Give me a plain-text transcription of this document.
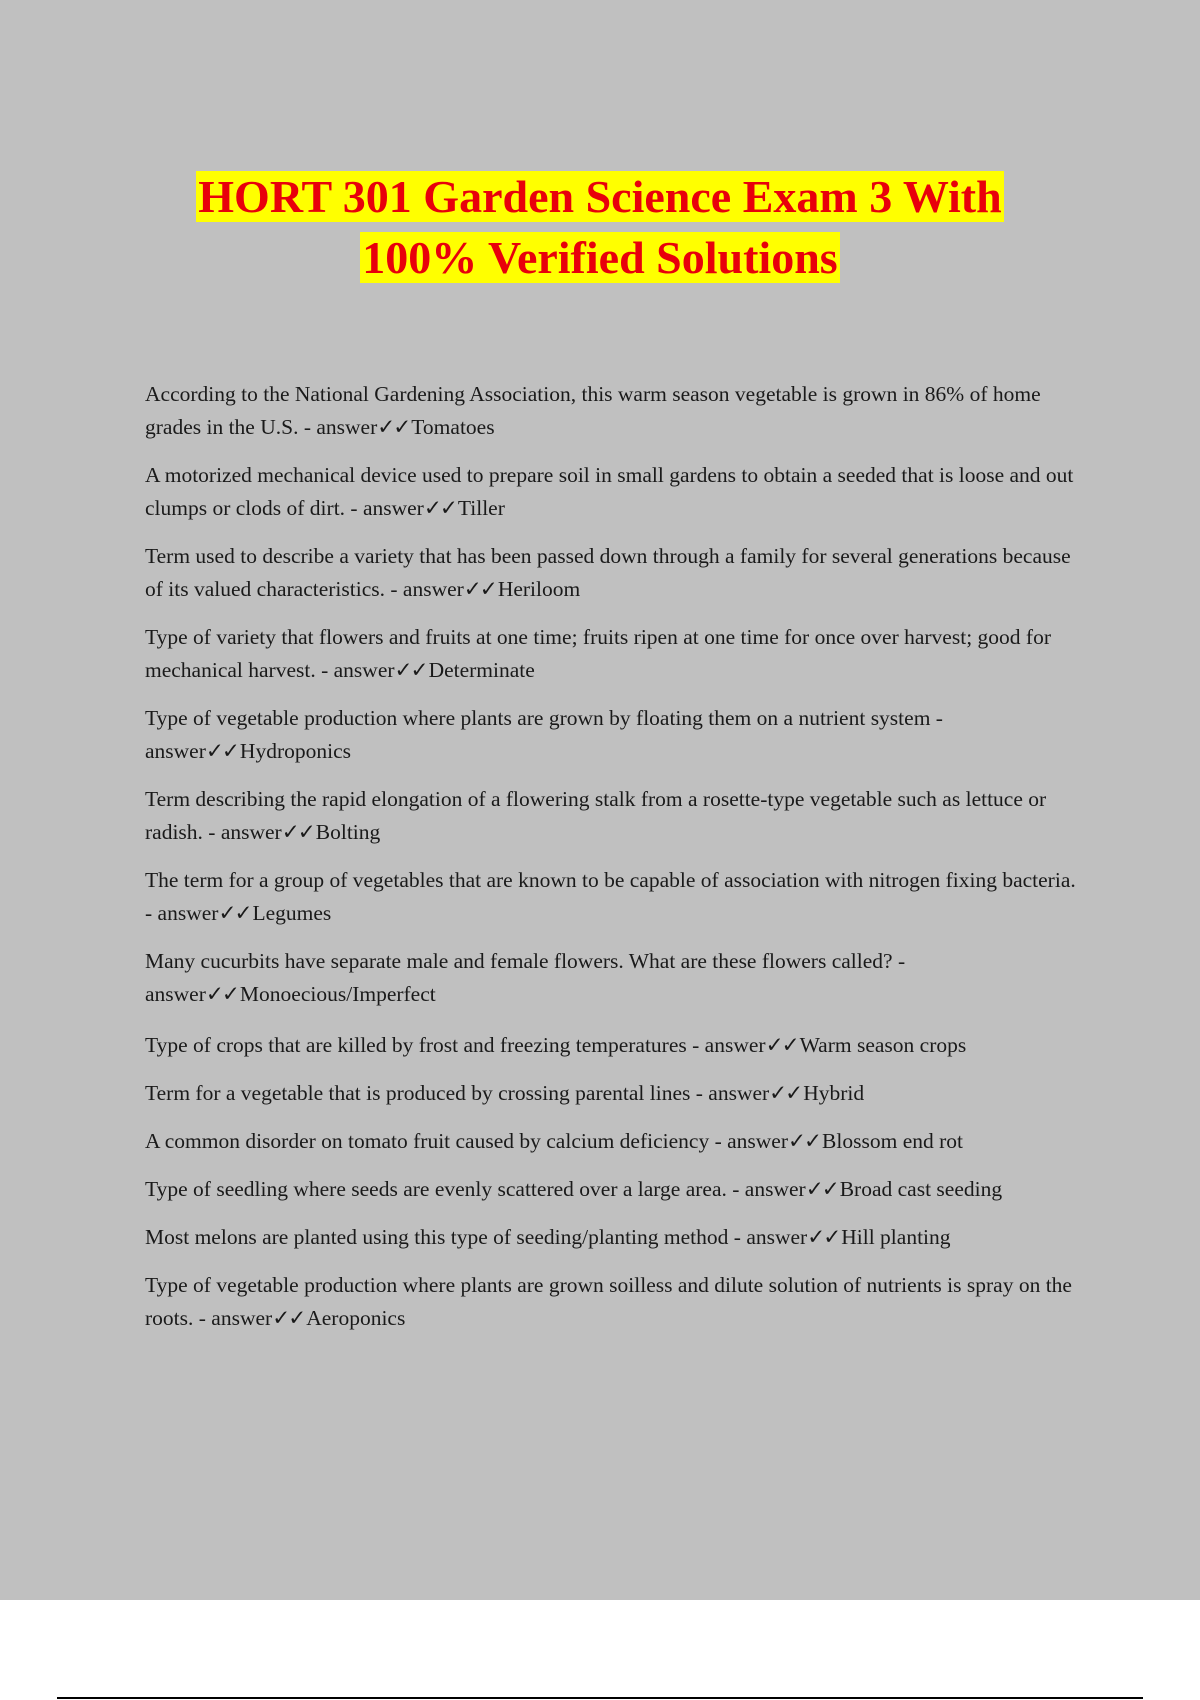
HORT 301 Garden Science Exam 3 With
100% Verified Solutions
According to the National Gardening Association, this warm season vegetable is grown in 86% of home grades in the U.S. - answer✓✓Tomatoes
A motorized mechanical device used to prepare soil in small gardens to obtain a seeded that is loose and out clumps or clods of dirt. - answer✓✓Tiller
Term used to describe a variety that has been passed down through a family for several generations because of its valued characteristics. - answer✓✓Heriloom
Type of variety that flowers and fruits at one time; fruits ripen at one time for once over harvest; good for mechanical harvest. - answer✓✓Determinate
Type of vegetable production where plants are grown by floating them on a nutrient system - answer✓✓Hydroponics
Term describing the rapid elongation of a flowering stalk from a rosette-type vegetable such as lettuce or radish. - answer✓✓Bolting
The term for a group of vegetables that are known to be capable of association with nitrogen fixing bacteria. - answer✓✓Legumes
Many cucurbits have separate male and female flowers. What are these flowers called? - answer✓✓Monoecious/Imperfect
Type of crops that are killed by frost and freezing temperatures - answer✓✓Warm season crops
Term for a vegetable that is produced by crossing parental lines - answer✓✓Hybrid
A common disorder on tomato fruit caused by calcium deficiency - answer✓✓Blossom end rot
Type of seedling where seeds are evenly scattered over a large area. - answer✓✓Broad cast seeding
Most melons are planted using this type of seeding/planting method - answer✓✓Hill planting
Type of vegetable production where plants are grown soilless and dilute solution of nutrients is spray on the roots. - answer✓✓Aeroponics
